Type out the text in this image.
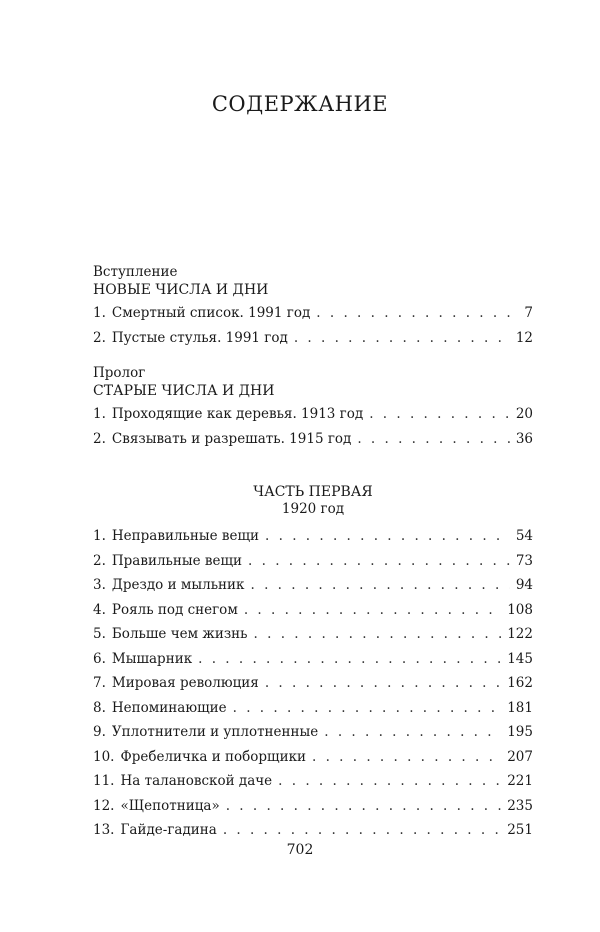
СОДЕРЖАНИЕ
Вступление
НОВЫЕ ЧИСЛА И ДНИ
1. Смертный список. 1991 год . . .	7
2. Пустые стулья. 1991 год . . .	12
Пролог
СТАРЫЕ ЧИСЛА И ДНИ
1. Проходящие как деревья. 1913 год . . .	20
2. Связывать и разрешать. 1915 год . . .	36
ЧАСТЬ ПЕРВАЯ
1920 год
1. Неправильные вещи . . .	54
2. Правильные вещи . . .	73
3. Дрездо и мыльник . . .	94
4. Рояль под снегом . . .	108
5. Больше чем жизнь . . .	122
6. Мышарник . . .	145
7. Мировая революция . . .	162
8. Непоминающие . . .	181
9. Уплотнители и уплотненные . . .	195
10. Фребеличка и поборщики . . .	207
11. На талановской даче . . .	221
12. «Щепотница» . . .	235
13. Гайде-гадина . . .	251
702
